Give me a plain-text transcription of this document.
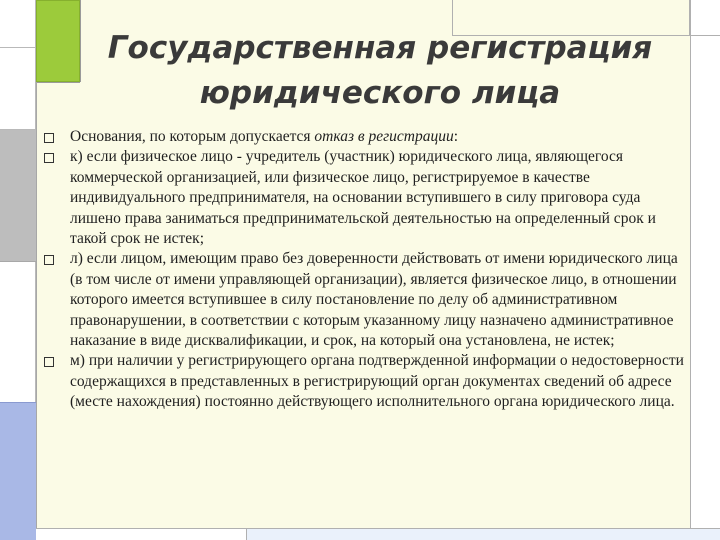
Государственная регистрация
юридического лица
Основания, по которым допускается отказ в регистрации:
к) если физическое лицо - учредитель (участник) юридического лица, являющегося коммерческой организацией, или физическое лицо, регистрируемое в качестве индивидуального предпринимателя, на основании вступившего в силу приговора суда лишено права заниматься предпринимательской деятельностью на определенный срок и такой срок не истек;
л) если лицом, имеющим право без доверенности действовать от имени юридического лица (в том числе от имени управляющей организации), является физическое лицо, в отношении которого имеется вступившее в силу постановление по делу об административном правонарушении, в соответствии с которым указанному лицу назначено административное наказание в виде дисквалификации, и срок, на который она установлена, не истек;
м) при наличии у регистрирующего органа подтвержденной информации о недостоверности содержащихся в представленных в регистрирующий орган документах сведений об адресе (месте нахождения) постоянно действующего исполнительного органа юридического лица.
